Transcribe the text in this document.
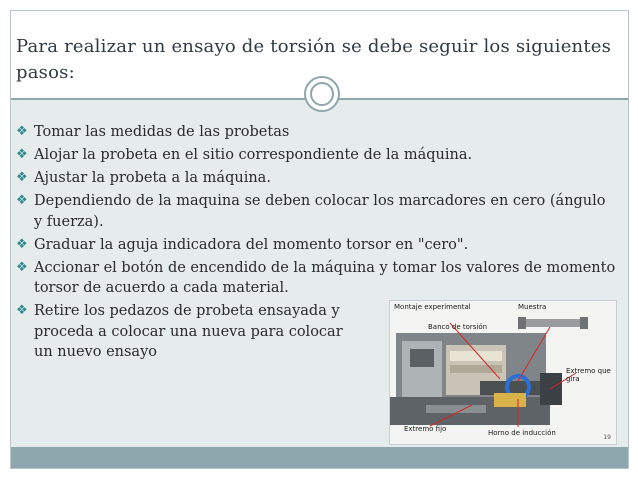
Para realizar un ensayo de torsión se debe seguir los siguientes pasos:
❖ Tomar las medidas de las probetas
❖ Alojar la probeta en el sitio correspondiente de la máquina.
❖ Ajustar la probeta a la máquina.
❖ Dependiendo de la maquina se deben colocar los marcadores en cero (ángulo y fuerza).
❖ Graduar la aguja indicadora del momento torsor en "cero".
❖ Accionar el botón de encendido de la máquina y tomar los valores de momento torsor de acuerdo a cada material.
❖ Retire los pedazos de probeta ensayada y
proceda a colocar una nueva para colocar
un nuevo ensayo
Montaje experimental	Muestra
Banco de torsión
Extremo que
gira
Extremo fijo	Horno de inducción
19
